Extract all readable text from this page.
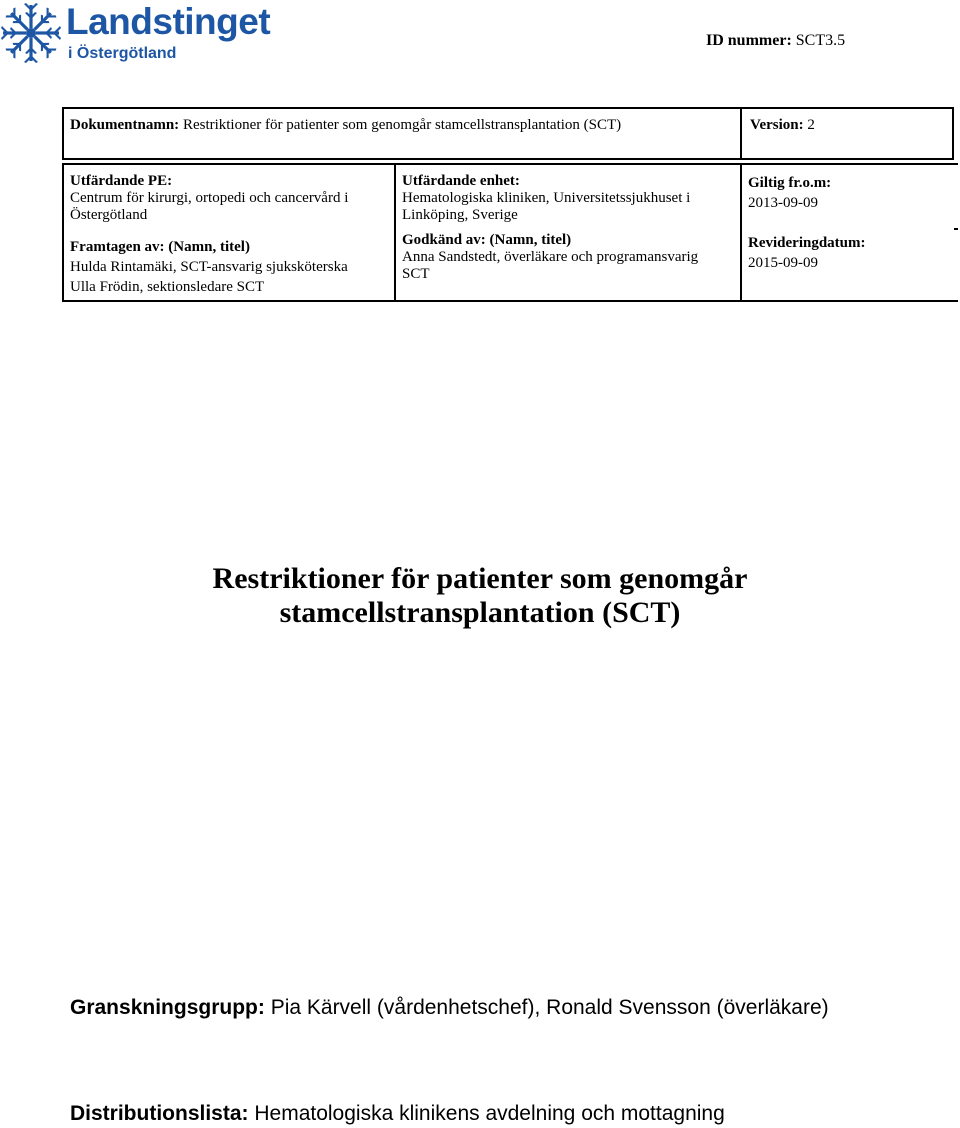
Landstinget
i Östergötland
ID nummer: SCT3.5
Dokumentnamn: Restriktioner för patienter som genomgår stamcellstransplantation (SCT)	Version: 2
Utfärdande PE:
Centrum för kirurgi, ortopedi och cancervård i
Östergötland
Framtagen av: (Namn, titel)
Hulda Rintamäki, SCT-ansvarig sjuksköterska
Ulla Frödin, sektionsledare SCT
Utfärdande enhet:
Hematologiska kliniken, Universitetssjukhuset i
Linköping, Sverige
Godkänd av: (Namn, titel)
Anna Sandstedt, överläkare och programansvarig
SCT
Giltig fr.o.m:
2013-09-09
Revideringdatum:
2015-09-09
Restriktioner för patienter som genomgår
stamcellstransplantation (SCT)
Granskningsgrupp: Pia Kärvell (vårdenhetschef), Ronald Svensson (överläkare)
Distributionslista: Hematologiska klinikens avdelning och mottagning
